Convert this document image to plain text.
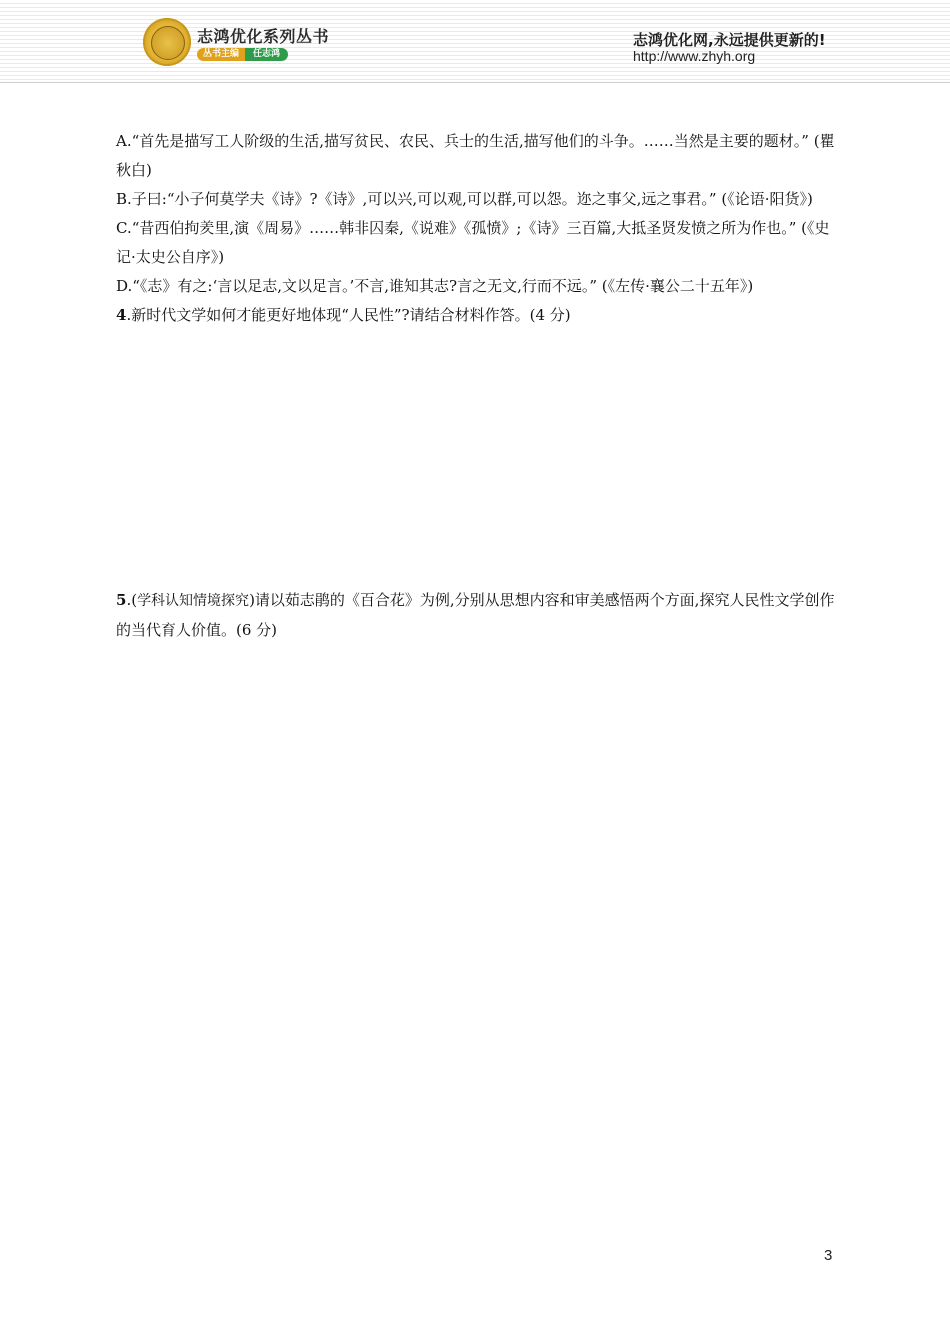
志鸿优化系列丛书
丛书主编	任志鸿
志鸿优化网,永远提供更新的!
http://www.zhyh.org

A.“首先是描写工人阶级的生活,描写贫民、农民、兵士的生活,描写他们的斗争。……当然是主要的题材。” (瞿秋白)

B.子曰:“小子何莫学夫《诗》?《诗》,可以兴,可以观,可以群,可以怨。迩之事父,远之事君。” (《论语·阳货》)

C.“昔西伯拘羑里,演《周易》……韩非囚秦,《说难》《孤愤》;《诗》三百篇,大抵圣贤发愤之所为作也。” (《史记·太史公自序》)

D.“《志》有之:‘言以足志,文以足言。’不言,谁知其志?言之无文,行而不远。” (《左传·襄公二十五年》)

4.新时代文学如何才能更好地体现“人民性”?请结合材料作答。(4 分)

5.(学科认知情境探究)请以茹志鹃的《百合花》为例,分别从思想内容和审美感悟两个方面,探究人民性文学创作的当代育人价值。(6 分)

3
